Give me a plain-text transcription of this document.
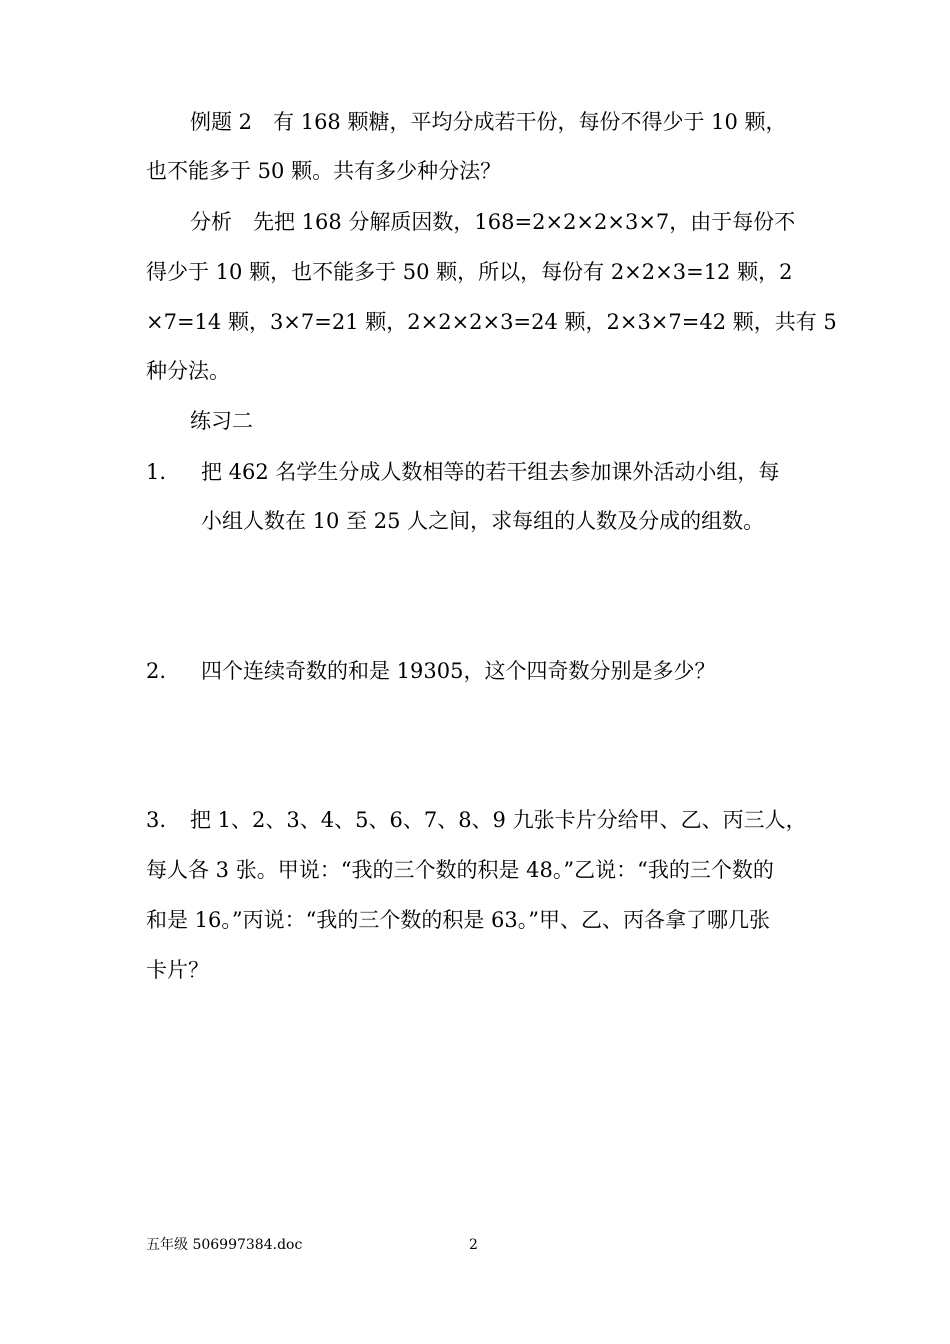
例题 2　有 168 颗糖，平均分成若干份，每份不得少于 10 颗，
也不能多于 50 颗。共有多少种分法？
分析　先把 168 分解质因数，168=2×2×2×3×7，由于每份不
得少于 10 颗，也不能多于 50 颗，所以，每份有 2×2×3=12 颗，2
×7=14 颗，3×7=21 颗，2×2×2×3=24 颗，2×3×7=42 颗，共有 5
种分法。
练习二
1. 把 462 名学生分成人数相等的若干组去参加课外活动小组，每
小组人数在 10 至 25 人之间，求每组的人数及分成的组数。
2. 四个连续奇数的和是 19305，这个四奇数分别是多少？
3. 把 1、2、3、4、5、6、7、8、9 九张卡片分给甲、乙、丙三人，
每人各 3 张。甲说：“我的三个数的积是 48。”乙说：“我的三个数的
和是 16。”丙说：“我的三个数的积是 63。”甲、乙、丙各拿了哪几张
卡片？
五年级 506997384.doc	2
